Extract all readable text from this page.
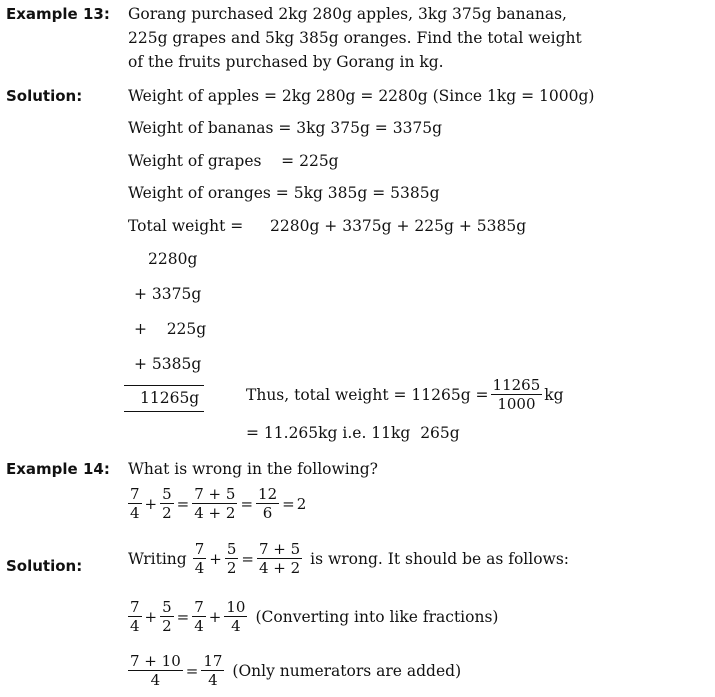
Example 13: Gorang purchased 2kg 280g apples, 3kg 375g bananas,
225g grapes and 5kg 385g oranges. Find the total weight
of the fruits purchased by Gorang in kg.
Solution:	Weight of apples = 2kg 280g = 2280g (Since 1kg = 1000g)
Weight of bananas = 3kg 375g = 3375g
Weight of grapes    = 225g
Weight of oranges = 5kg 385g = 5385g
Total weight = 2280g + 3375g + 225g + 5385g
2280g
+ 3375g
+    225g
+ 5385g
11265g	Thus, total weight = $11265g = \frac{11265}{1000}$ kg
= 11.265kg i.e. 11kg  265g
Example 14: What is wrong in the following?
$\frac{7}{4} + \frac{5}{2} = \frac{7 + 5}{4 + 2} = \frac{12}{6} = 2$
Solution:	Writing $\frac{7}{4} + \frac{5}{2} = \frac{7 + 5}{4 + 2}$ is wrong. It should be as follows:
$\frac{7}{4} + \frac{5}{2} = \frac{7}{4} + \frac{10}{4}$ (Converting into like fractions)
$\frac{7 + 10}{4} = \frac{17}{4}$ (Only numerators are added)
